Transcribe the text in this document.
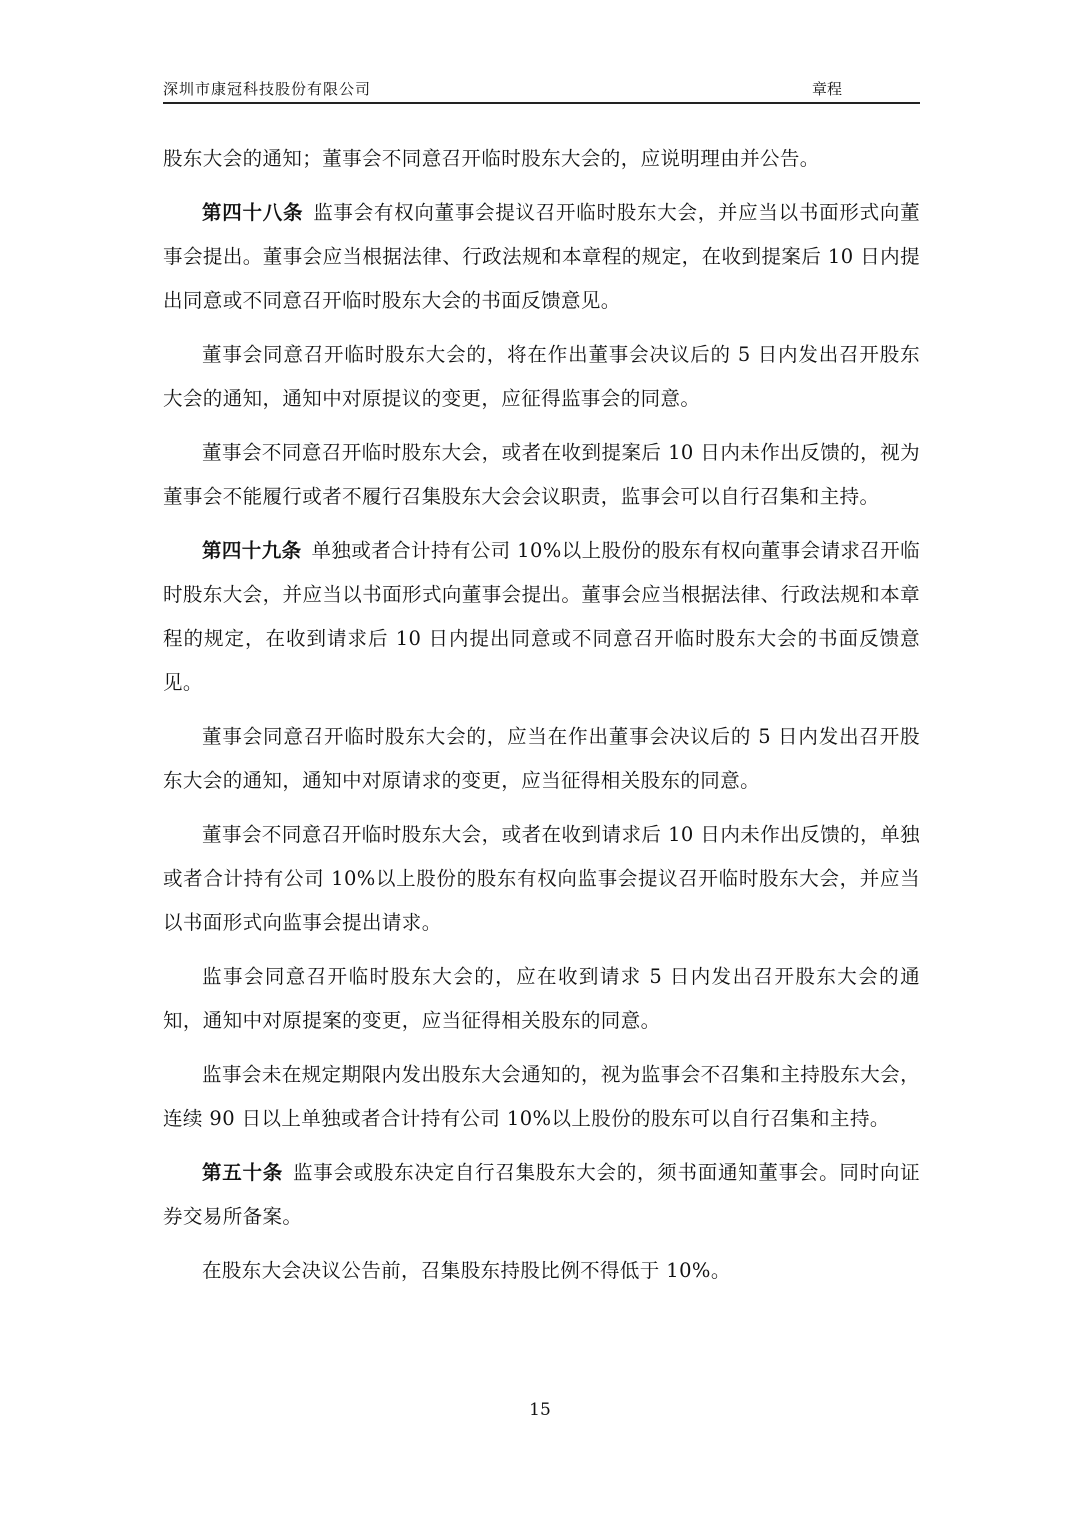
深圳市康冠科技股份有限公司	章程

股东大会的通知；董事会不同意召开临时股东大会的，应说明理由并公告。

第四十八条 监事会有权向董事会提议召开临时股东大会，并应当以书面形式向董事会提出。董事会应当根据法律、行政法规和本章程的规定，在收到提案后 10 日内提出同意或不同意召开临时股东大会的书面反馈意见。

董事会同意召开临时股东大会的，将在作出董事会决议后的 5 日内发出召开股东大会的通知，通知中对原提议的变更，应征得监事会的同意。

董事会不同意召开临时股东大会，或者在收到提案后 10 日内未作出反馈的，视为董事会不能履行或者不履行召集股东大会会议职责，监事会可以自行召集和主持。

第四十九条 单独或者合计持有公司 10%以上股份的股东有权向董事会请求召开临时股东大会，并应当以书面形式向董事会提出。董事会应当根据法律、行政法规和本章程的规定，在收到请求后 10 日内提出同意或不同意召开临时股东大会的书面反馈意见。

董事会同意召开临时股东大会的，应当在作出董事会决议后的 5 日内发出召开股东大会的通知，通知中对原请求的变更，应当征得相关股东的同意。

董事会不同意召开临时股东大会，或者在收到请求后 10 日内未作出反馈的，单独或者合计持有公司 10%以上股份的股东有权向监事会提议召开临时股东大会，并应当以书面形式向监事会提出请求。

监事会同意召开临时股东大会的，应在收到请求 5 日内发出召开股东大会的通知，通知中对原提案的变更，应当征得相关股东的同意。

监事会未在规定期限内发出股东大会通知的，视为监事会不召集和主持股东大会，连续 90 日以上单独或者合计持有公司 10%以上股份的股东可以自行召集和主持。

第五十条 监事会或股东决定自行召集股东大会的，须书面通知董事会。同时向证券交易所备案。

在股东大会决议公告前，召集股东持股比例不得低于 10%。

15
